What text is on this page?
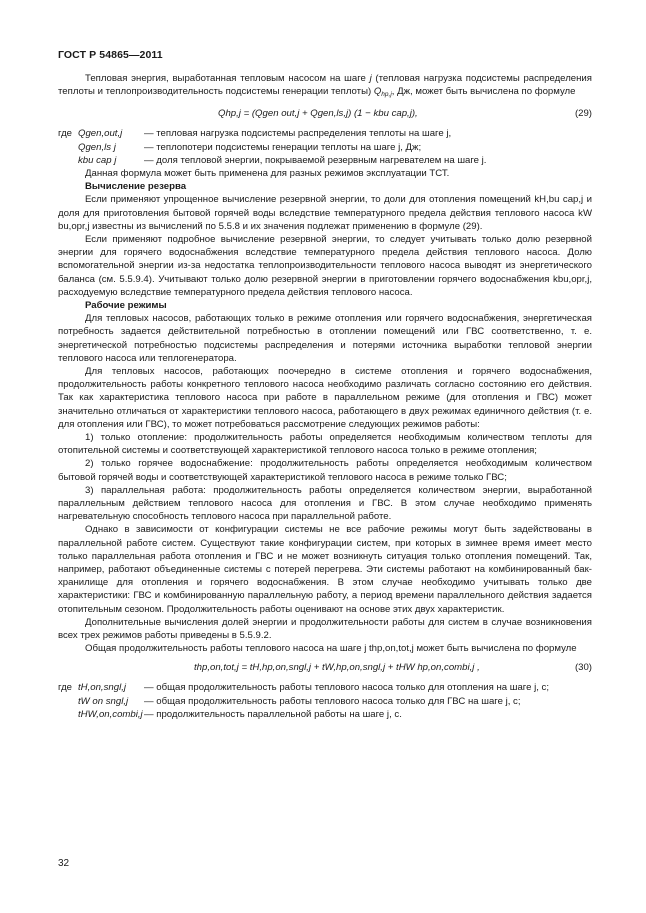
ГОСТ Р 54865—2011

Тепловая энергия, выработанная тепловым насосом на шаге j (тепловая нагрузка подсистемы распределения теплоты и теплопроизводительность подсистемы генерации теплоты) $Q_{hp,j}$, Дж, может быть вычислена по формуле

Qhp,j = (Qgen out,j + Qgen,ls,j) (1 − kbu cap,j),	(29)
где Qgen,out,j — тепловая нагрузка подсистемы распределения теплоты на шаге j,
Qgen,ls j	— теплопотери подсистемы генерации теплоты на шаге j, Дж;
kbu cap j	— доля тепловой энергии, покрываемой резервным нагревателем на шаге j.

Данная формула может быть применена для разных режимов эксплуатации ТСТ.

Вычисление резерва

Если применяют упрощенное вычисление резервной энергии, то доли для отопления помещений kH,bu cap,j и доля для приготовления бытовой горячей воды вследствие температурного предела действия теплового насоса kW bu,opr,j известны из вычислений по 5.5.8 и их значения подлежат применению в формуле (29).

Если применяют подробное вычисление резервной энергии, то следует учитывать только долю резервной энергии для горячего водоснабжения вследствие температурного предела действия теплового насоса. Долю вспомогательной энергии из-за недостатка теплопроизводительности теплового насоса выводят из энергетического баланса (см. 5.5.9.4). Учитывают только долю резервной энергии в приготовлении горячего водоснабжения kbu,opr,j, расходуемую вследствие температурного предела действия теплового насоса.

Рабочие режимы

Для тепловых насосов, работающих только в режиме отопления или горячего водоснабжения, энергетическая потребность задается действительной потребностью в отоплении помещений или ГВС соответственно, т. е. энергетической потребностью подсистемы распределения и потерями источника выработки тепловой энергии теплового насоса или теплогенератора.

Для тепловых насосов, работающих поочередно в системе отопления и горячего водоснабжения, продолжительность работы конкретного теплового насоса необходимо различать согласно состоянию его действия. Так как характеристика теплового насоса при работе в параллельном режиме (для отопления и ГВС) может значительно отличаться от характеристики теплового насоса, работающего в двух режимах единичного действия (т. е. для отопления или ГВС), то может потребоваться рассмотрение следующих режимов работы:

1) только отопление: продолжительность работы определяется необходимым количеством теплоты для отопительной системы и соответствующей характеристикой теплового насоса только в режиме отопления;

2) только горячее водоснабжение: продолжительность работы определяется необходимым количеством бытовой горячей воды и соответствующей характеристикой теплового насоса в режиме только ГВС;

3) параллельная работа: продолжительность работы определяется количеством энергии, выработанной параллельным действием теплового насоса для отопления и ГВС. В этом случае необходимо применять нагревательную способность теплового насоса при параллельной работе.

Однако в зависимости от конфигурации системы не все рабочие режимы могут быть задействованы в параллельной работе систем. Существуют такие конфигурации систем, при которых в зимнее время имеет место только параллельная работа отопления и ГВС и не может возникнуть ситуация только отопления помещений. Так, например, работают объединенные системы с потерей перегрева. Эти системы работают на комбинированный бак-хранилище для отопления и горячего водоснабжения. В этом случае необходимо учитывать только две характеристики: ГВС и комбинированную параллельную работу, а период времени параллельного действия задается отопительным сезоном. Продолжительность работы оценивают на основе этих двух характеристик.

Дополнительные вычисления долей энергии и продолжительности работы для систем в случае возникновения всех трех режимов работы приведены в 5.5.9.2.

Общая продолжительность работы теплового насоса на шаге j thp,on,tot,j может быть вычислена по формуле

thp,on,tot,j = tH,hp,on,sngl,j + tW,hp,on,sngl,j + tHW hp,on,combi,j ,	(30)
где tH,on,sngl,j — общая продолжительность работы теплового насоса только для отопления на шаге j, с;
tW on sngl,j — общая продолжительность работы теплового насоса только для ГВС на шаге j, с;
tHW,on,combi,j — продолжительность параллельной работы на шаге j, с.
32
